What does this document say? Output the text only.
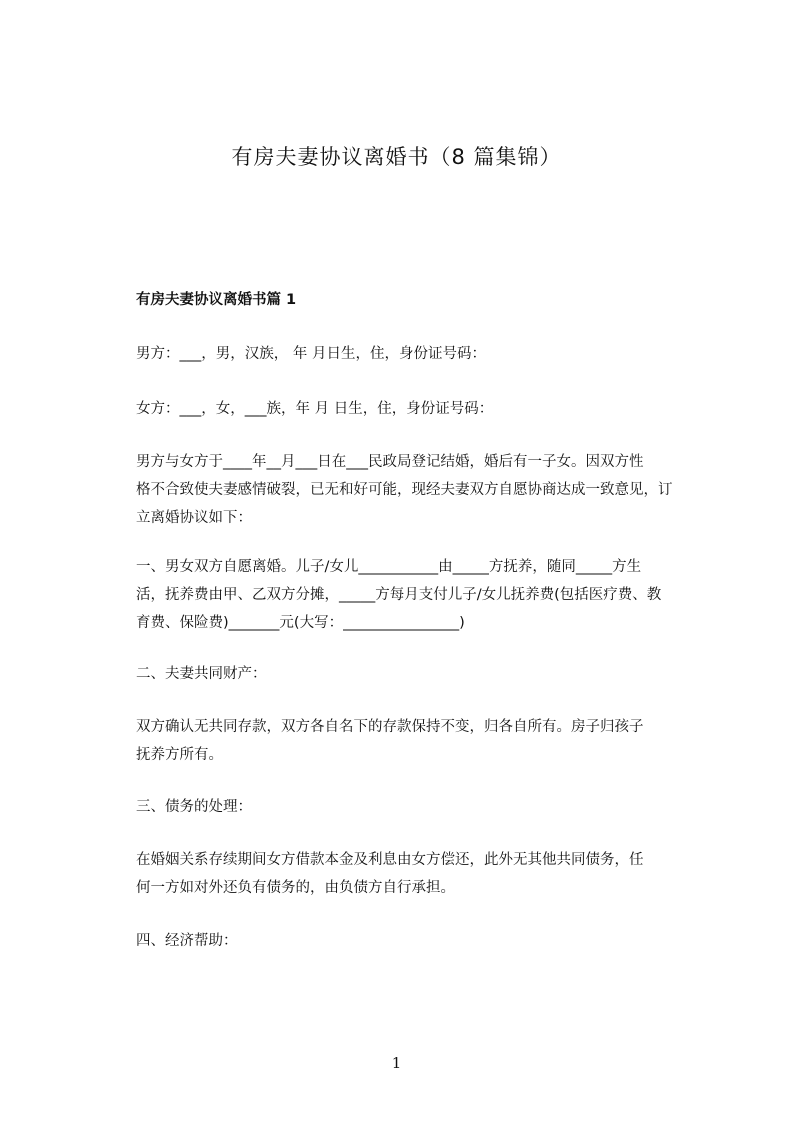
有房夫妻协议离婚书（8 篇集锦）
有房夫妻协议离婚书篇 1
男方：___，男，汉族， 年 月日生，住，身份证号码：
女方：___，女，___族，年 月 日生，住，身份证号码：
男方与女方于____年__月___日在___民政局登记结婚，婚后有一子女。因双方性
格不合致使夫妻感情破裂，已无和好可能，现经夫妻双方自愿协商达成一致意见，订
立离婚协议如下：
一、男女双方自愿离婚。儿子/女儿___________由_____方抚养，随同_____方生
活，抚养费由甲、乙双方分摊，_____方每月支付儿子/女儿抚养费(包括医疗费、教
育费、保险费)_______元(大写：________________)
二、夫妻共同财产：
双方确认无共同存款，双方各自名下的存款保持不变，归各自所有。房子归孩子
抚养方所有。
三、债务的处理：
在婚姻关系存续期间女方借款本金及利息由女方偿还，此外无其他共同债务，任
何一方如对外还负有债务的，由负债方自行承担。
四、经济帮助：
1
